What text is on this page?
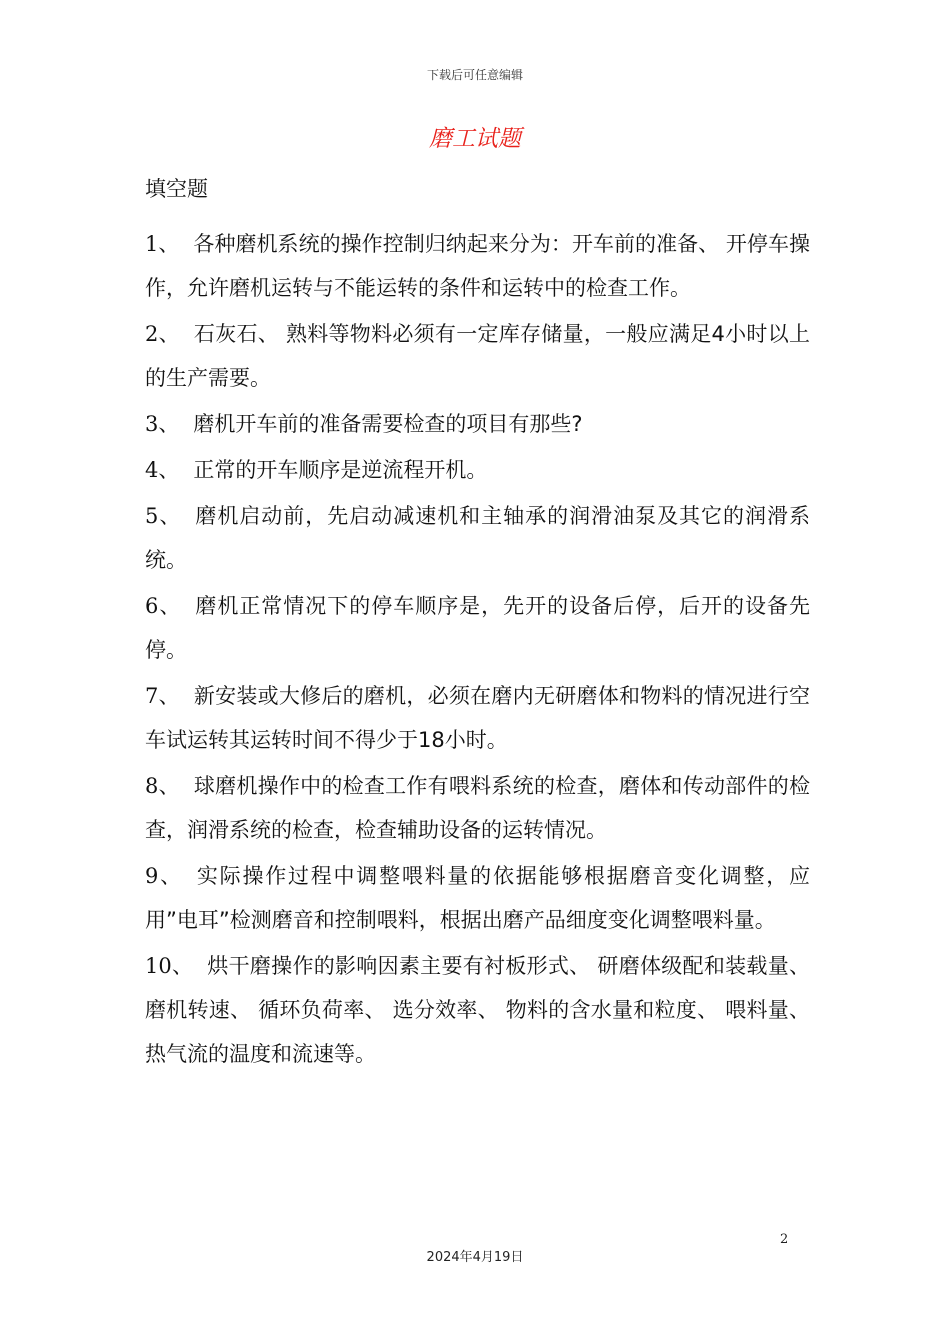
下载后可任意编辑
磨工试题
填空题
1、 各种磨机系统的操作控制归纳起来分为：开车前的准备、 开停车操作，允许磨机运转与不能运转的条件和运转中的检查工作。
2、 石灰石、 熟料等物料必须有一定库存储量，一般应满足4小时以上的生产需要。
3、 磨机开车前的准备需要检查的项目有那些?
4、 正常的开车顺序是逆流程开机。
5、 磨机启动前，先启动减速机和主轴承的润滑油泵及其它的润滑系统。
6、 磨机正常情况下的停车顺序是，先开的设备后停，后开的设备先停。
7、 新安装或大修后的磨机，必须在磨内无研磨体和物料的情况进行空车试运转其运转时间不得少于18小时。
8、 球磨机操作中的检查工作有喂料系统的检查，磨体和传动部件的检查，润滑系统的检查，检查辅助设备的运转情况。
9、 实际操作过程中调整喂料量的依据能够根据磨音变化调整，应用”电耳”检测磨音和控制喂料，根据出磨产品细度变化调整喂料量。
10、 烘干磨操作的影响因素主要有衬板形式、 研磨体级配和装载量、 磨机转速、 循环负荷率、 选分效率、 物料的含水量和粒度、 喂料量、 热气流的温度和流速等。
2
2024年4月19日
